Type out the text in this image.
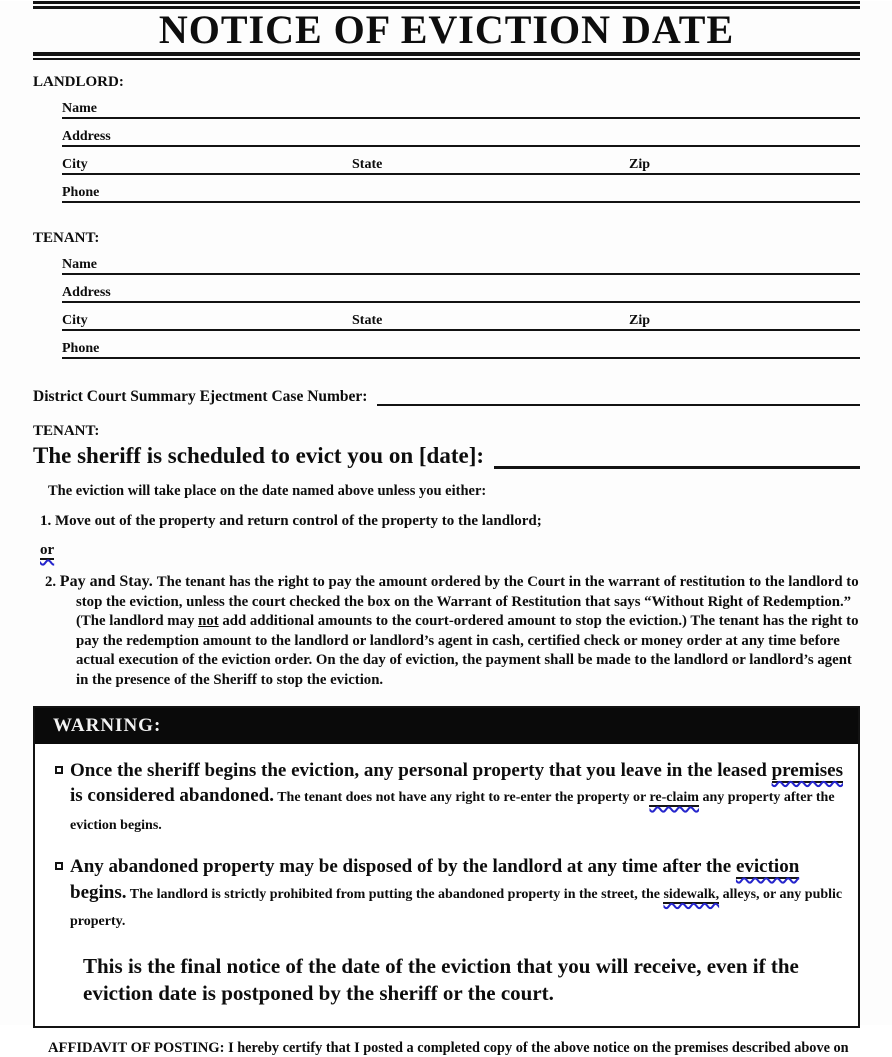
NOTICE OF EVICTION DATE
LANDLORD:
Name
Address
City	State	Zip
Phone
TENANT:
Name
Address
City	State	Zip
Phone
District Court Summary Ejectment Case Number:
TENANT:
The sheriff is scheduled to evict you on [date]:
The eviction will take place on the date named above unless you either:
1. Move out of the property and return control of the property to the landlord;
or
2. Pay and Stay. The tenant has the right to pay the amount ordered by the Court in the warrant of restitution to the landlord to stop the eviction, unless the court checked the box on the Warrant of Restitution that says “Without Right of Redemption.” (The landlord may not add additional amounts to the court-ordered amount to stop the eviction.) The tenant has the right to pay the redemption amount to the landlord or landlord’s agent in cash, certified check or money order at any time before actual execution of the eviction order. On the day of eviction, the payment shall be made to the landlord or landlord’s agent in the presence of the Sheriff to stop the eviction.
WARNING:
Once the sheriff begins the eviction, any personal property that you leave in the leased premises is considered abandoned. The tenant does not have any right to re-enter the property or re-claim any property after the eviction begins.
Any abandoned property may be disposed of by the landlord at any time after the eviction begins. The landlord is strictly prohibited from putting the abandoned property in the street, the sidewalk, alleys, or any public property.
This is the final notice of the date of the eviction that you will receive, even if the eviction date is postponed by the sheriff or the court.
AFFIDAVIT OF POSTING: I hereby certify that I posted a completed copy of the above notice on the premises described above on
